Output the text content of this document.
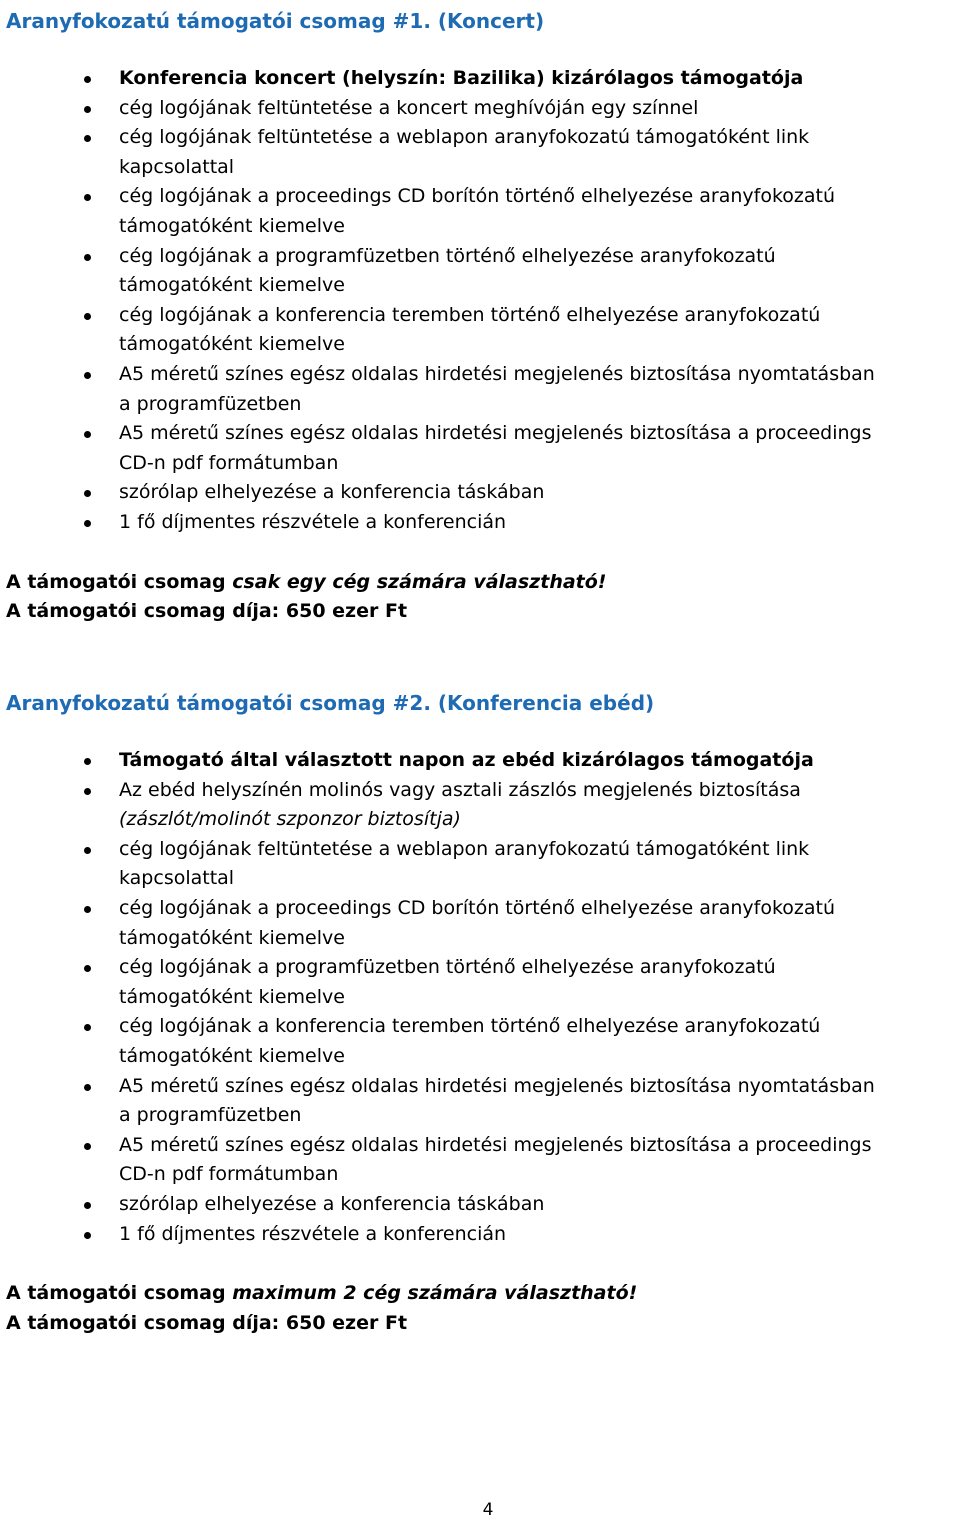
Aranyfokozatú támogatói csomag #1. (Koncert)
Konferencia koncert (helyszín: Bazilika) kizárólagos támogatója
cég logójának feltüntetése a koncert meghívóján egy színnel
cég logójának feltüntetése a weblapon aranyfokozatú támogatóként link
kapcsolattal
cég logójának a proceedings CD borítón történő elhelyezése aranyfokozatú
támogatóként kiemelve
cég logójának a programfüzetben történő elhelyezése aranyfokozatú
támogatóként kiemelve
cég logójának a konferencia teremben történő elhelyezése aranyfokozatú
támogatóként kiemelve
A5 méretű színes egész oldalas hirdetési megjelenés biztosítása nyomtatásban
a programfüzetben
A5 méretű színes egész oldalas hirdetési megjelenés biztosítása a proceedings
CD-n pdf formátumban
szórólap elhelyezése a konferencia táskában
1 fő díjmentes részvétele a konferencián
A támogatói csomag csak egy cég számára választható!
A támogatói csomag díja: 650 ezer Ft
Aranyfokozatú támogatói csomag #2. (Konferencia ebéd)
Támogató által választott napon az ebéd kizárólagos támogatója
Az ebéd helyszínén molinós vagy asztali zászlós megjelenés biztosítása
(zászlót/molinót szponzor biztosítja)
cég logójának feltüntetése a weblapon aranyfokozatú támogatóként link
kapcsolattal
cég logójának a proceedings CD borítón történő elhelyezése aranyfokozatú
támogatóként kiemelve
cég logójának a programfüzetben történő elhelyezése aranyfokozatú
támogatóként kiemelve
cég logójának a konferencia teremben történő elhelyezése aranyfokozatú
támogatóként kiemelve
A5 méretű színes egész oldalas hirdetési megjelenés biztosítása nyomtatásban
a programfüzetben
A5 méretű színes egész oldalas hirdetési megjelenés biztosítása a proceedings
CD-n pdf formátumban
szórólap elhelyezése a konferencia táskában
1 fő díjmentes részvétele a konferencián
A támogatói csomag maximum 2 cég számára választható!
A támogatói csomag díja: 650 ezer Ft
4
